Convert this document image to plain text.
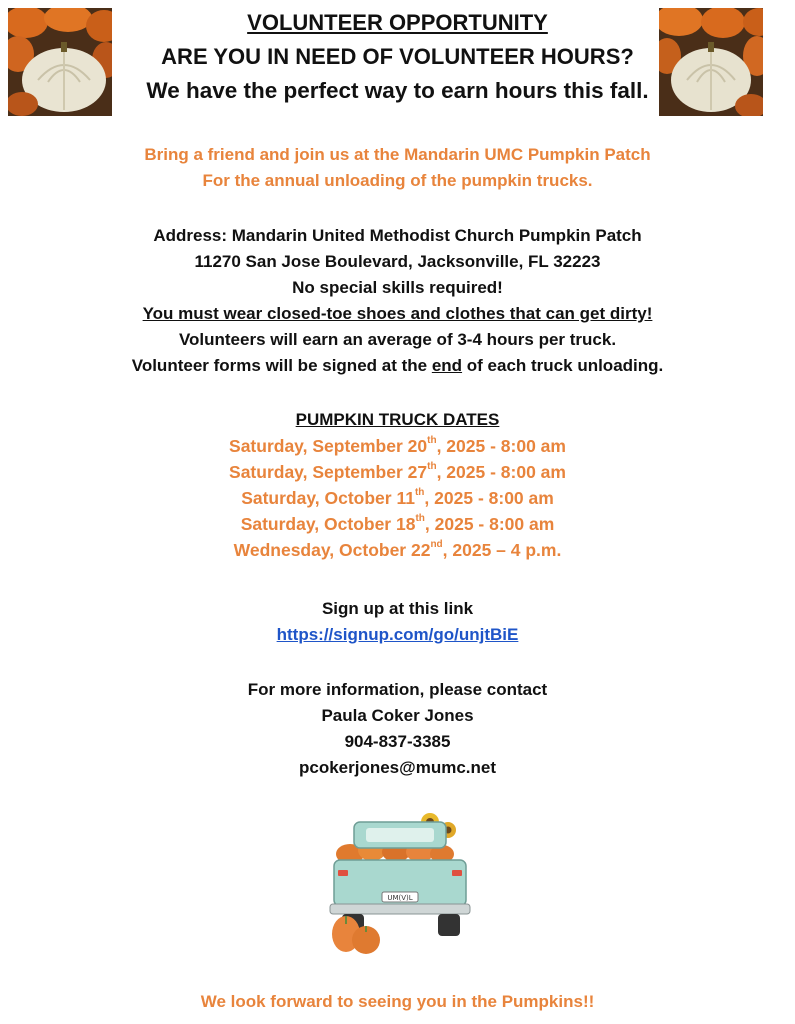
VOLUNTEER OPPORTUNITY
ARE YOU IN NEED OF VOLUNTEER HOURS?
We have the perfect way to earn hours this fall.
Bring a friend and join us at the Mandarin UMC Pumpkin Patch
For the annual unloading of the pumpkin trucks.
Address: Mandarin United Methodist Church Pumpkin Patch
11270 San Jose Boulevard, Jacksonville, FL 32223
No special skills required!
You must wear closed-toe shoes and clothes that can get dirty!
Volunteers will earn an average of 3-4 hours per truck.
Volunteer forms will be signed at the end of each truck unloading.
PUMPKIN TRUCK DATES
Saturday, September 20th, 2025 - 8:00 am
Saturday, September 27th, 2025 - 8:00 am
Saturday, October 11th, 2025 - 8:00 am
Saturday, October 18th, 2025 - 8:00 am
Wednesday, October 22nd, 2025 – 4 p.m.
Sign up at this link
https://signup.com/go/unjtBiE
For more information, please contact
Paula Coker Jones
904-837-3385
pcokerjones@mumc.net
UM(V)L
We look forward to seeing you in the Pumpkins!!
